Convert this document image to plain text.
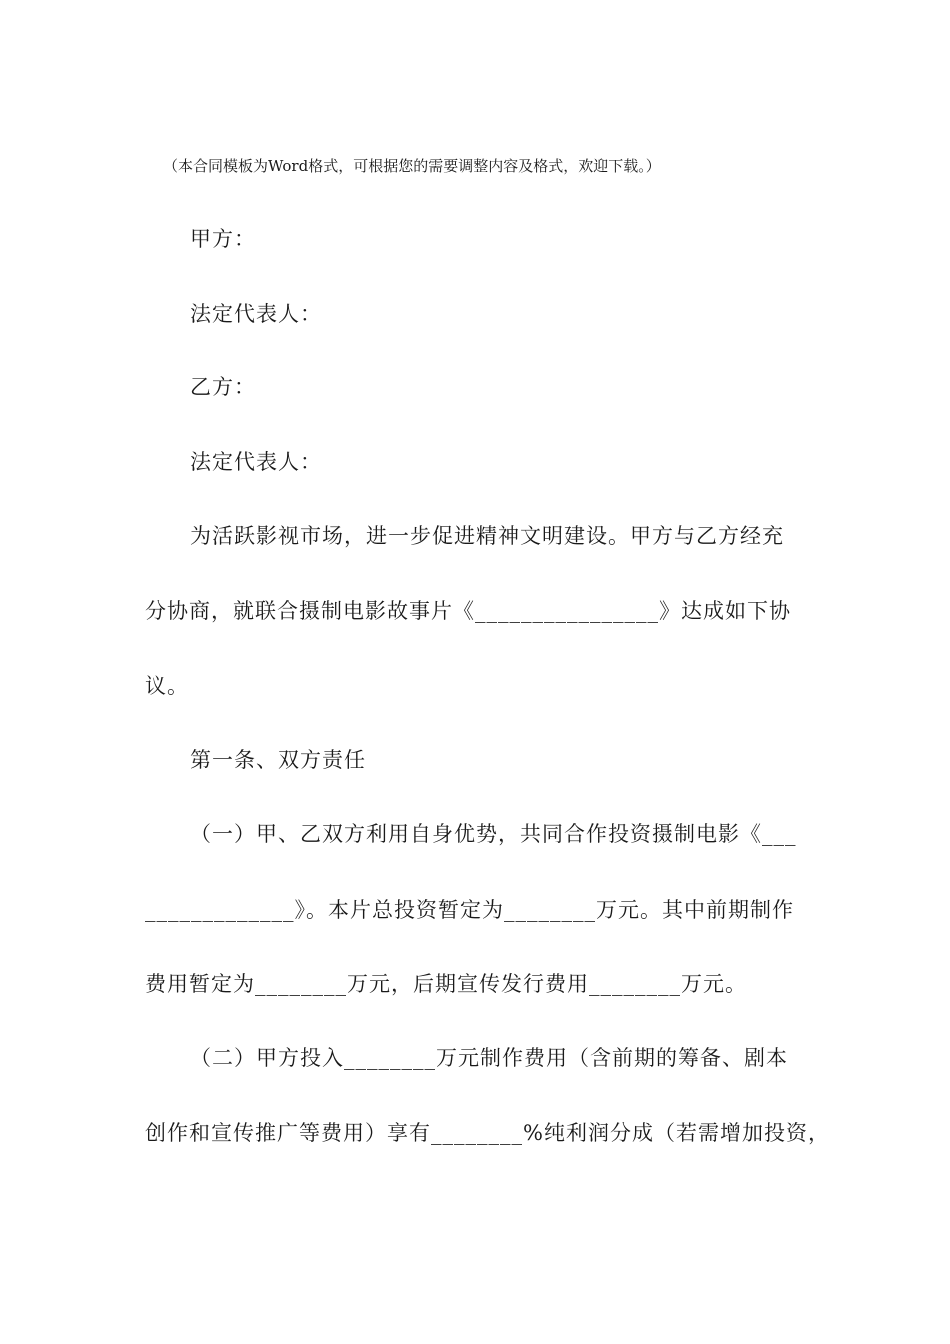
（本合同模板为Word格式，可根据您的需要调整内容及格式，欢迎下载。）
甲方：
法定代表人：
乙方：
法定代表人：
为活跃影视市场，进一步促进精神文明建设。甲方与乙方经充
分协商，就联合摄制电影故事片《________________》达成如下协
议。
第一条、双方责任
（一）甲、乙双方利用自身优势，共同合作投资摄制电影《___
_____________》。本片总投资暂定为________万元。其中前期制作
费用暂定为________万元，后期宣传发行费用________万元。
（二）甲方投入________万元制作费用（含前期的筹备、剧本
创作和宣传推广等费用）享有________%纯利润分成（若需增加投资，
